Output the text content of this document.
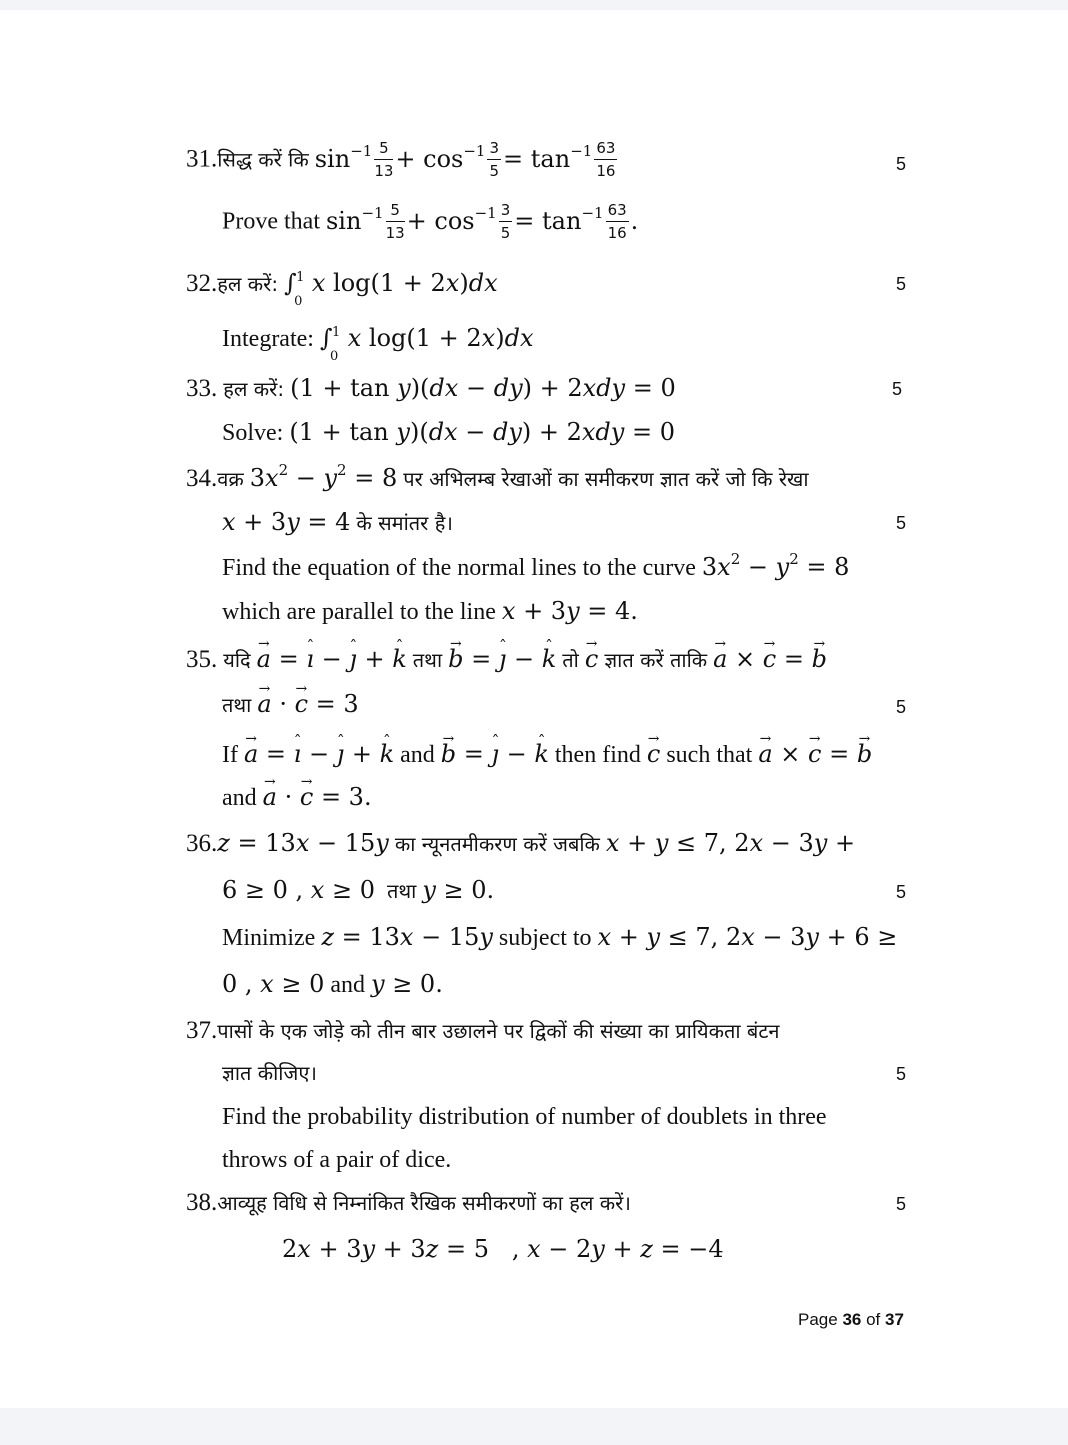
31.सिद्ध करें कि $\sin^{-1} \frac{5}{13} + \cos^{-1} \frac{3}{5} = \tan^{-1} \frac{63}{16}$	5
Prove that $\sin^{-1} \frac{5}{13} + \cos^{-1} \frac{3}{5} = \tan^{-1} \frac{63}{16}$ .
32.हल करें: ∫ 1
0
x log(1 + 2x)dx	5
Integrate: ∫ 1
0
x log(1 + 2x)dx
33. हल करें: (1 + tan y)(dx − dy) + 2xdy = 0	5
Solve: (1 + tan y)(dx − dy) + 2xdy = 0
34.वक्र $3x^2 - y^2 = 8$ पर अभिलम्ब रेखाओं का समीकरण ज्ञात करें जो कि रेखा
x + 3y = 4 के समांतर है।	5
Find the equation of the normal lines to the curve $3x^2 - y^2 = 8$
which are parallel to the line x + 3y = 4.
35. यदि → a = ˆ ı − ˆ ȷ + ˆ k तथा → b = ˆ ȷ − ˆ k तो → c ज्ञात करें ताकि → a × → c = → b
तथा → a · → c = 3	5
If → a = ˆ ı − ˆ ȷ + ˆ k and → b = ˆ ȷ − ˆ k then find → c such that → a × → c = → b
and → a · → c = 3.
36.z = 13x − 15y का न्यूनतमीकरण करें जबकि x + y ≤ 7, 2x − 3y +
6 ≥ 0 , x ≥ 0 तथा y ≥ 0.	5
Minimize z = 13x − 15y subject to x + y ≤ 7, 2x − 3y + 6 ≥
0 , x ≥ 0 and y ≥ 0.
37.पासों के एक जोड़े को तीन बार उछालने पर द्विकों की संख्या का प्रायिकता बंटन
ज्ञात कीजिए।	5
Find the probability distribution of number of doublets in three
throws of a pair of dice.
38.आव्यूह विधि से निम्नांकित रैखिक समीकरणों का हल करें।	5
2x + 3y + 3z = 5   , x − 2y + z = −4
Page 36 of 37
